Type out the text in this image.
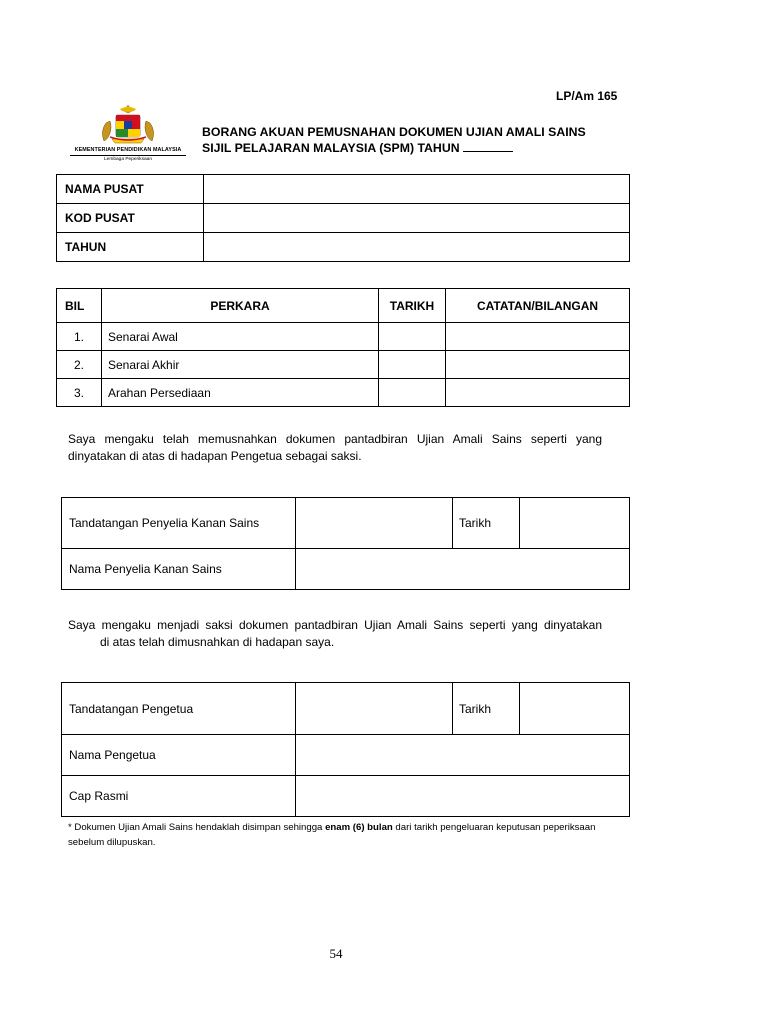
LP/Am 165
KEMENTERIAN PENDIDIKAN MALAYSIA
Lembaga Peperiksaan
BORANG AKUAN PEMUSNAHAN DOKUMEN UJIAN AMALI SAINS
SIJIL PELAJARAN MALAYSIA (SPM) TAHUN
NAMA PUSAT	
KOD PUSAT	
TAHUN	
BIL	PERKARA	TARIKH	CATATAN/BILANGAN
1.	Senarai Awal		
2.	Senarai Akhir		
3.	Arahan Persediaan		
Saya mengaku telah memusnahkan dokumen pantadbiran Ujian Amali Sains seperti yang dinyatakan di atas di hadapan Pengetua sebagai saksi.
Tandatangan Penyelia Kanan Sains		Tarikh	
Nama Penyelia Kanan Sains			
Saya mengaku menjadi saksi dokumen pantadbiran Ujian Amali Sains seperti yang dinyatakandi atas telah dimusnahkan di hadapan saya.
Tandatangan Pengetua		Tarikh	
Nama Pengetua			
Cap Rasmi			
* Dokumen Ujian Amali Sains hendaklah disimpan sehingga enam (6) bulan dari tarikh pengeluaran keputusan peperiksaan sebelum dilupuskan.
54
